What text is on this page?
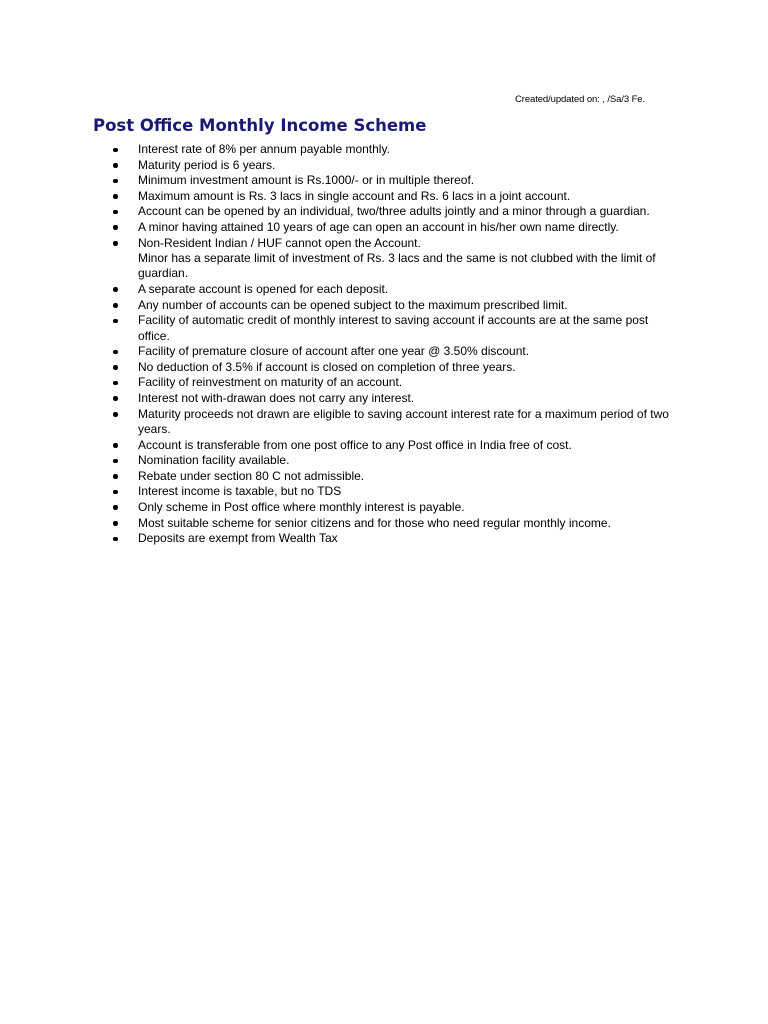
Created/updated on: , /Sa/3 Fe.
Post Office Monthly Income Scheme
Interest rate of 8% per annum payable monthly.
Maturity period is 6 years.
Minimum investment amount is Rs.1000/- or in multiple thereof.
Maximum amount is Rs. 3 lacs in single account and Rs. 6 lacs in a joint account.
Account can be opened by an individual, two/three adults jointly and a minor through a guardian.
A minor having attained 10 years of age can open an account in his/her own name directly.
Non-Resident Indian / HUF cannot open the Account.
Minor has a separate limit of investment of Rs. 3 lacs and the same is not clubbed with the limit of guardian.
A separate account is opened for each deposit.
Any number of accounts can be opened subject to the maximum prescribed limit.
Facility of automatic credit of monthly interest to saving account if accounts are at the same post office.
Facility of premature closure of account after one year @ 3.50% discount.
No deduction of 3.5% if account is closed on completion of three years.
Facility of reinvestment on maturity of an account.
Interest not with-drawan does not carry any interest.
Maturity proceeds not drawn are eligible to saving account interest rate for a maximum period of two years.
Account is transferable from one post office to any Post office in India free of cost.
Nomination facility available.
Rebate under section 80 C not admissible.
Interest income is taxable, but no TDS
Only scheme in Post office where monthly interest is payable.
Most suitable scheme for senior citizens and for those who need regular monthly income.
Deposits are exempt from Wealth Tax
